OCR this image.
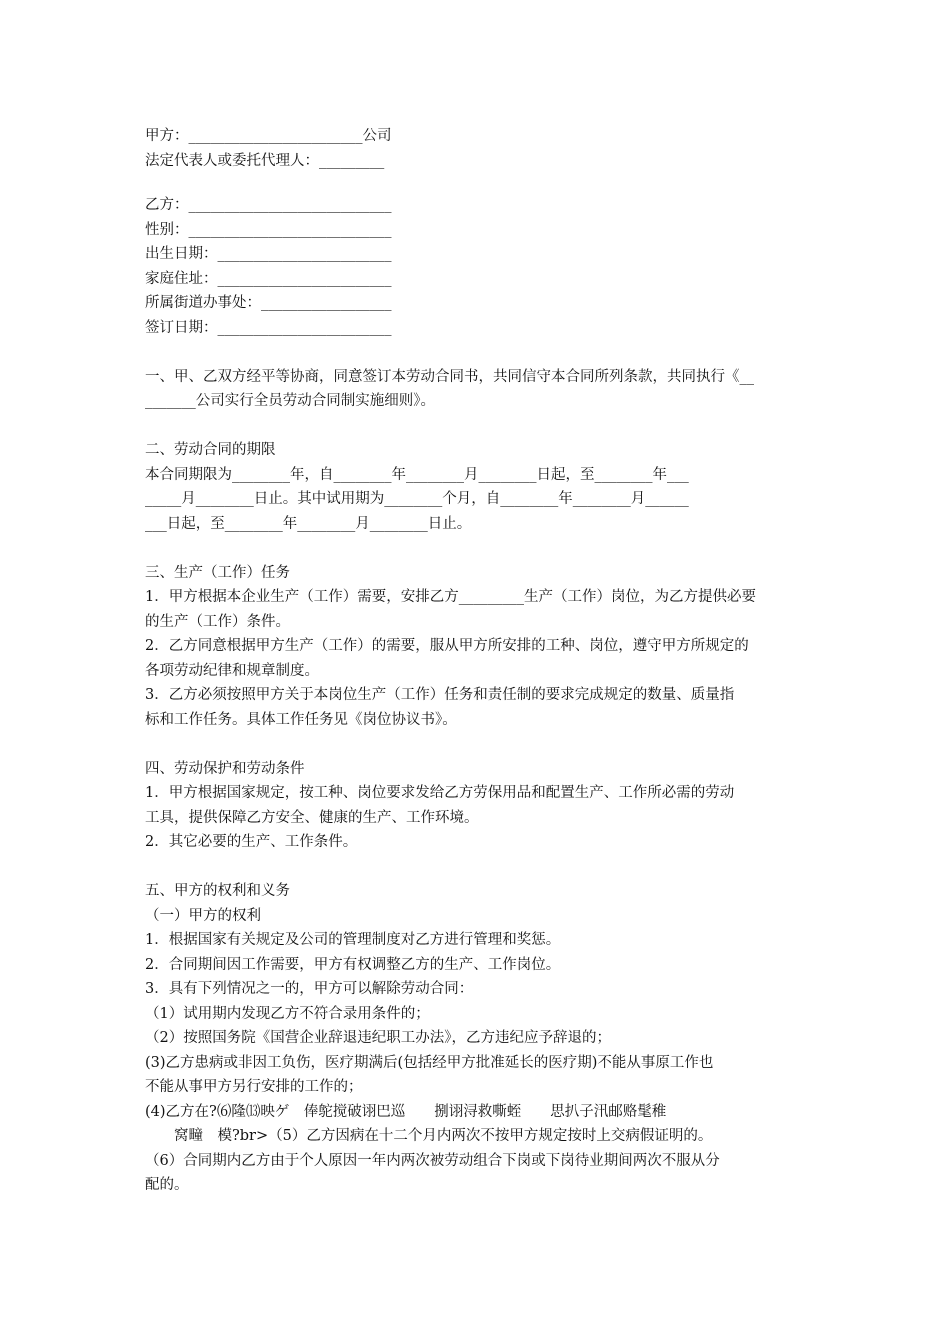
甲方：________________________公司
法定代表人或委托代理人：_________
乙方：____________________________
性别：____________________________
出生日期：________________________
家庭住址：________________________
所属街道办事处：__________________
签订日期：________________________
一、甲、乙双方经平等协商，同意签订本劳动合同书，共同信守本合同所列条款，共同执行《__
_______公司实行全员劳动合同制实施细则》。
二、劳动合同的期限
本合同期限为________年，自________年________月________日起，至________年___
_____月________日止。其中试用期为________个月，自________年________月______
___日起，至________年________月________日止。
三、生产（工作）任务
1．甲方根据本企业生产（工作）需要，安排乙方_________生产（工作）岗位，为乙方提供必要
的生产（工作）条件。
2．乙方同意根据甲方生产（工作）的需要，服从甲方所安排的工种、岗位，遵守甲方所规定的
各项劳动纪律和规章制度。
3．乙方必须按照甲方关于本岗位生产（工作）任务和责任制的要求完成规定的数量、质量指
标和工作任务。具体工作任务见《岗位协议书》。
四、劳动保护和劳动条件
1．甲方根据国家规定，按工种、岗位要求发给乙方劳保用品和配置生产、工作所必需的劳动
工具，提供保障乙方安全、健康的生产、工作环境。
2．其它必要的生产、工作条件。
五、甲方的权利和义务
（一）甲方的权利
1．根据国家有关规定及公司的管理制度对乙方进行管理和奖惩。
2．合同期间因工作需要，甲方有权调整乙方的生产、工作岗位。
3．具有下列情况之一的，甲方可以解除劳动合同：
（1）试用期内发现乙方不符合录用条件的；
（2）按照国务院《国营企业辞退违纪职工办法》，乙方违纪应予辞退的；
(3)乙方患病或非因工负伤，医疗期满后(包括经甲方批准延长的医疗期)不能从事原工作也
不能从事甲方另行安排的工作的；
(4)乙方在?⑹隆⒀映ゲ　俸鸵搅破诩巴巡　　捌诩浔救嘶蛭　　思扒子汛邮赂髦稚
　　窝疃　模?br>（5）乙方因病在十二个月内两次不按甲方规定按时上交病假证明的。
（6）合同期内乙方由于个人原因一年内两次被劳动组合下岗或下岗待业期间两次不服从分
配的。
